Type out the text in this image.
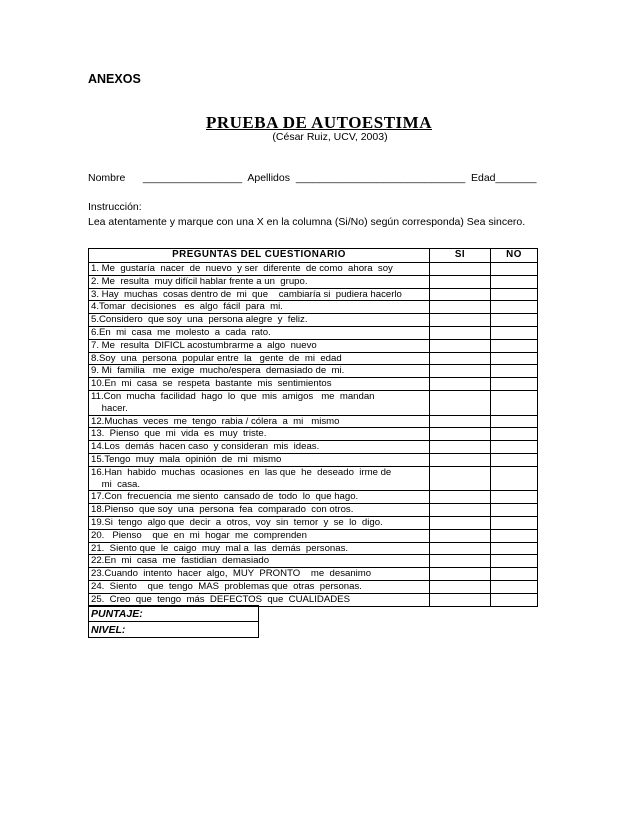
ANEXOS
PRUEBA DE AUTOESTIMA
(César Ruiz, UCV, 2003)
Nombre      _________________  Apellidos  _____________________________  Edad_______
Instrucción:
Lea atentamente y marque con una X en la columna (Si/No) según corresponda) Sea sincero.
PREGUNTAS DEL CUESTIONARIO	SI	NO
1. Me  gustaría  nacer  de  nuevo  y ser  diferente  de como  ahora  soy		
2. Me  resulta  muy difícil hablar frente a un  grupo.		
3. Hay  muchas  cosas dentro de  mi  que    cambiaría si  pudiera hacerlo		
4.Tomar  decisiones   es  algo  fácil  para  mi.		
5.Considero  que soy  una  persona alegre  y  feliz.		
6.En  mi  casa  me  molesto  a  cada  rato.		
7. Me  resulta  DIFICL acostumbrarme a  algo  nuevo		
8.Soy  una  persona  popular entre  la   gente  de  mi  edad		
9. Mi  familia   me  exige  mucho/espera  demasiado de  mi.		
10.En  mi  casa  se  respeta  bastante  mis  sentimientos		
11.Con  mucha  facilidad  hago  lo  que  mis  amigos   me  mandan
hacer.		
12.Muchas  veces  me  tengo  rabia / cólera  a  mi   mismo		
13.  Pienso  que  mi  vida  es  muy  triste.		
14.Los  demás  hacen caso  y consideran  mis  ideas.		
15.Tengo  muy  mala  opinión  de  mi  mismo		
16.Han  habido  muchas  ocasiones  en  las que  he  deseado  irme de
mi  casa.		
17.Con  frecuencia  me siento  cansado de  todo  lo  que hago.		
18.Pienso  que soy  una  persona  fea  comparado  con otros.		
19.Si  tengo  algo que  decir  a  otros,  voy  sin  temor  y  se  lo  digo.		
20.   Pienso    que  en  mi  hogar  me  comprenden		
21.  Siento que  le  caigo  muy  mal a  las  demás  personas.		
22.En  mi  casa  me  fastidian  demasiado		
23.Cuando  intento  hacer  algo,  MUY  PRONTO    me  desanimo		
24.  Siento    que  tengo  MAS  problemas que  otras  personas.		
25.  Creo  que  tengo  más  DEFECTOS  que  CUALIDADES		
PUNTAJE:
NIVEL:
